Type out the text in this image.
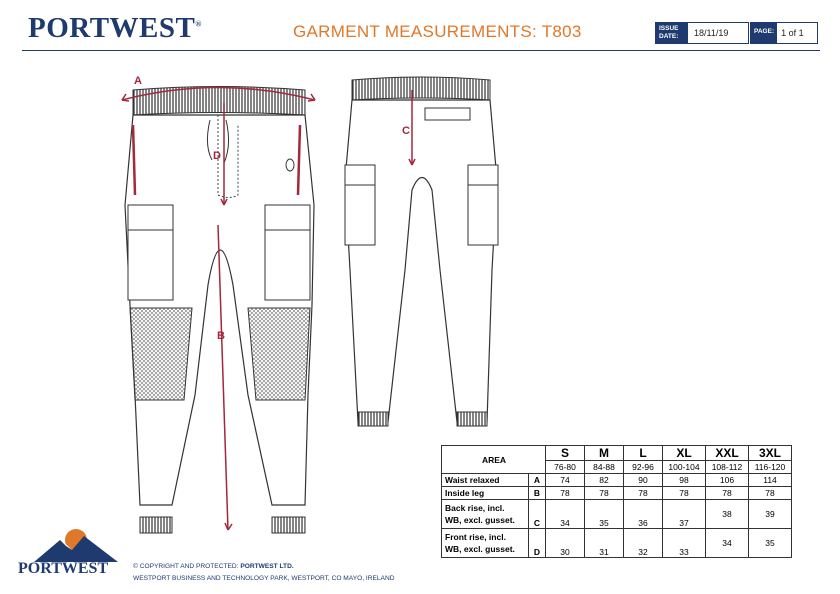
PORTWEST®	GARMENT MEASUREMENTS: T803	ISSUE DATE:	18/11/19	PAGE: 1 of 1
A
D
B
C
AREA		S	M	L	XL	XXL	3XL
		76-80	84-88	92-96	100-104	108-112	116-120
Waist relaxed	A	74	82	90	98	106	114
Inside leg	B	78	78	78	78	78	78

Back rise, incl.
WB, excl. gusset.	C	34	35	36	37	38	39

Front rise, incl.
WB, excl. gusset.	D	30	31	32	33	34	35
PORTWEST	© COPYRIGHT AND PROTECTED: PORTWEST LTD.
WESTPORT BUSINESS AND TECHNOLOGY PARK, WESTPORT, CO MAYO, IRELAND
